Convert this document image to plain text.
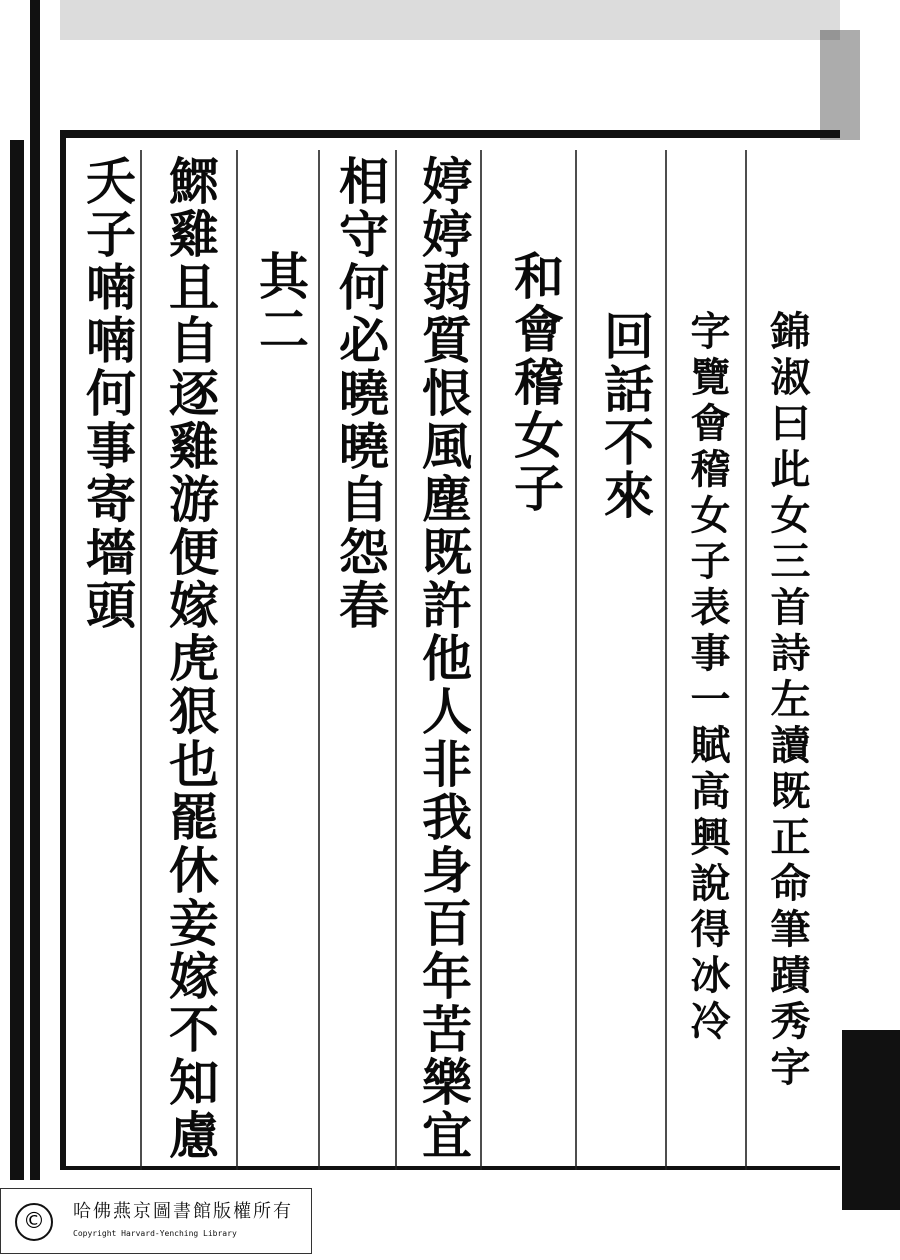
錦淑曰此女三首詩左讀既正命筆蹟秀字
字覽會稽女子表事一賦高興說得冰冷
回話不來
和會稽女子
婷婷弱質恨風塵既許他人非我身百年苦樂宜
相守何必曉曉自怨春
其二
鰥雞且自逐雞游便嫁虎狠也罷休妾嫁不知慮
夭子喃喃何事寄墻頭
©	哈佛燕京圖書館版權所有
Copyright Harvard-Yenching Library
